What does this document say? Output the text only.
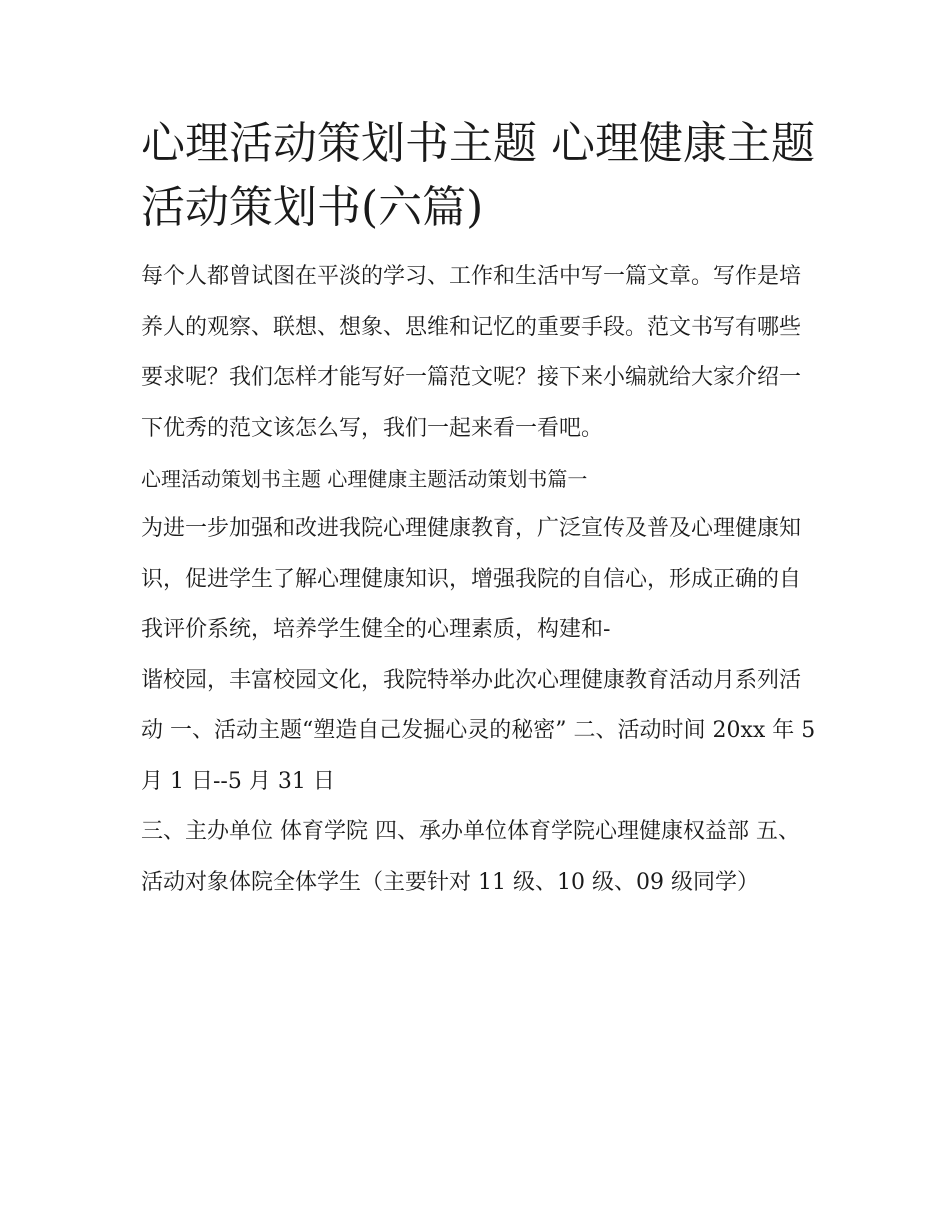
心理活动策划书主题 心理健康主题活动策划书(六篇)

每个人都曾试图在平淡的学习、工作和生活中写一篇文章。写作是培养人的观察、联想、想象、思维和记忆的重要手段。范文书写有哪些要求呢？我们怎样才能写好一篇范文呢？接下来小编就给大家介绍一下优秀的范文该怎么写，我们一起来看一看吧。

心理活动策划书主题 心理健康主题活动策划书篇一

为进一步加强和改进我院心理健康教育，广泛宣传及普及心理健康知识，促进学生了解心理健康知识，增强我院的自信心，形成正确的自我评价系统，培养学生健全的心理素质，构建和-

谐校园，丰富校园文化，我院特举办此次心理健康教育活动月系列活动 一、活动主题“塑造自己发掘心灵的秘密” 二、活动时间 20xx 年 5 月 1 日--5 月 31 日

三、主办单位 体育学院 四、承办单位体育学院心理健康权益部 五、活动对象体院全体学生（主要针对 11 级、10 级、09 级同学）
